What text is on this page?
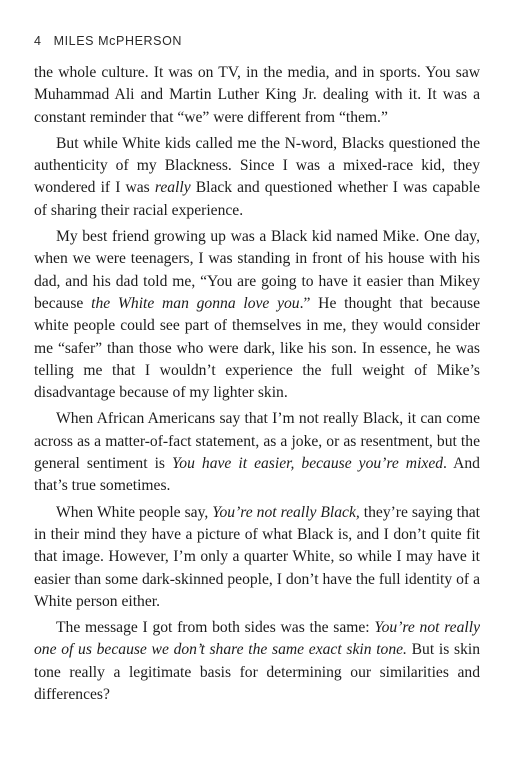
4 MILES McPHERSON

the whole culture. It was on TV, in the media, and in sports. You saw Muhammad Ali and Martin Luther King Jr. dealing with it. It was a constant reminder that “we” were different from “them.”

But while White kids called me the N-word, Blacks questioned the authenticity of my Blackness. Since I was a mixed-race kid, they wondered if I was really Black and questioned whether I was capable of sharing their racial experience.

My best friend growing up was a Black kid named Mike. One day, when we were teenagers, I was standing in front of his house with his dad, and his dad told me, “You are going to have it easier than Mikey because the White man gonna love you.” He thought that because white people could see part of themselves in me, they would consider me “safer” than those who were dark, like his son. In essence, he was telling me that I wouldn’t experience the full weight of Mike’s disadvantage because of my lighter skin.

When African Americans say that I’m not really Black, it can come across as a matter-of-fact statement, as a joke, or as resentment, but the general sentiment is You have it easier, because you’re mixed. And that’s true sometimes.

When White people say, You’re not really Black, they’re saying that in their mind they have a picture of what Black is, and I don’t quite fit that image. However, I’m only a quarter White, so while I may have it easier than some dark-skinned people, I don’t have the full identity of a White person either.

The message I got from both sides was the same: You’re not really one of us because we don’t share the same exact skin tone. But is skin tone really a legitimate basis for determining our similarities and differences?
